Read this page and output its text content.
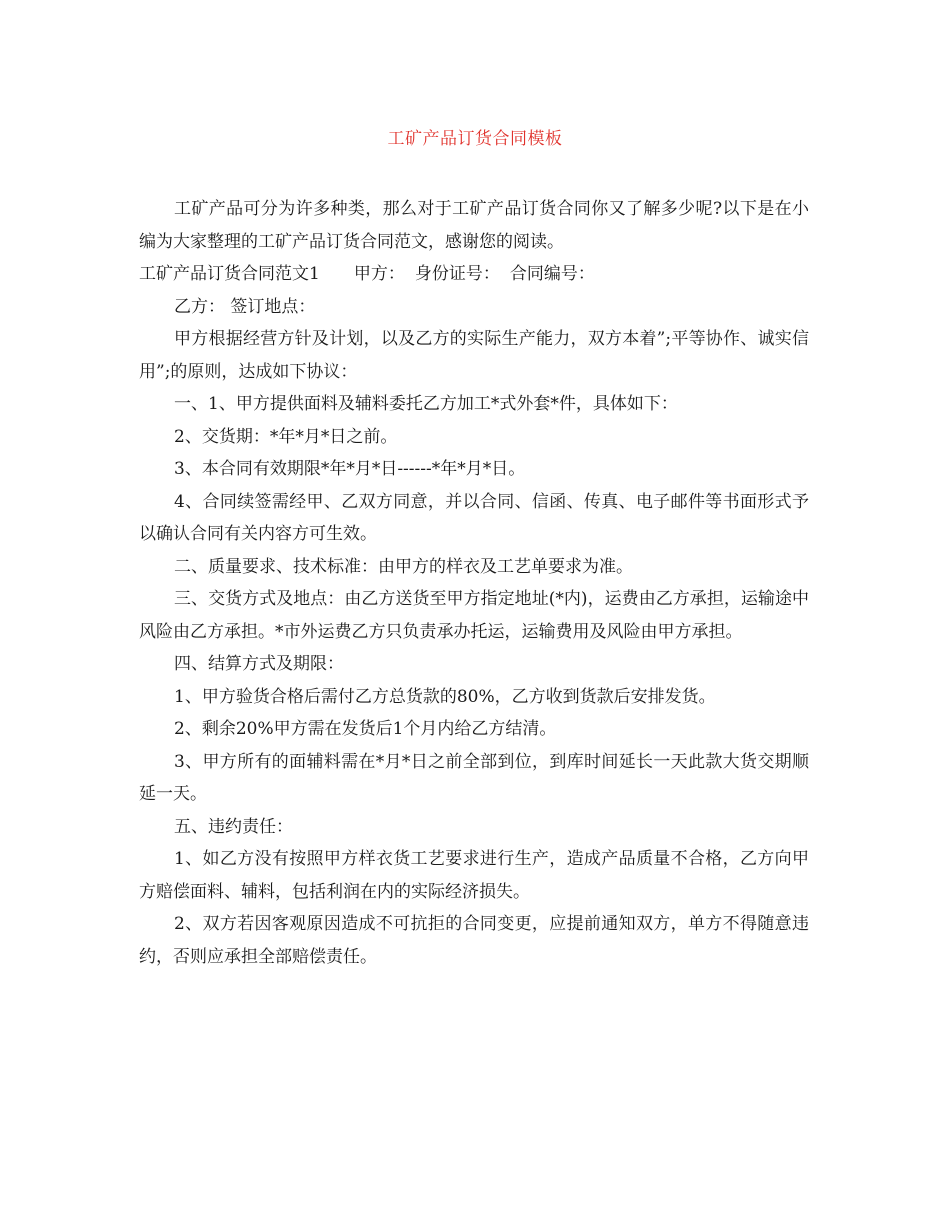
工矿产品订货合同模板

工矿产品可分为许多种类，那么对于工矿产品订货合同你又了解多少呢?以下是在小编为大家整理的工矿产品订货合同范文，感谢您的阅读。

工矿产品订货合同范文1 甲方： 身份证号： 合同编号：

乙方： 签订地点：

甲方根据经营方针及计划，以及乙方的实际生产能力，双方本着”;平等协作、诚实信用”;的原则，达成如下协议：

一、1、甲方提供面料及辅料委托乙方加工*式外套*件，具体如下：

2、交货期：*年*月*日之前。

3、本合同有效期限*年*月*日------*年*月*日。

4、合同续签需经甲、乙双方同意，并以合同、信函、传真、电子邮件等书面形式予以确认合同有关内容方可生效。

二、质量要求、技术标准：由甲方的样衣及工艺单要求为准。

三、交货方式及地点：由乙方送货至甲方指定地址(*内)，运费由乙方承担，运输途中风险由乙方承担。*市外运费乙方只负责承办托运，运输费用及风险由甲方承担。

四、结算方式及期限：

1、甲方验货合格后需付乙方总货款的80%，乙方收到货款后安排发货。

2、剩余20%甲方需在发货后1个月内给乙方结清。

3、甲方所有的面辅料需在*月*日之前全部到位，到库时间延长一天此款大货交期顺延一天。

五、违约责任：

1、如乙方没有按照甲方样衣货工艺要求进行生产，造成产品质量不合格，乙方向甲方赔偿面料、辅料，包括利润在内的实际经济损失。

2、双方若因客观原因造成不可抗拒的合同变更，应提前通知双方，单方不得随意违约，否则应承担全部赔偿责任。
